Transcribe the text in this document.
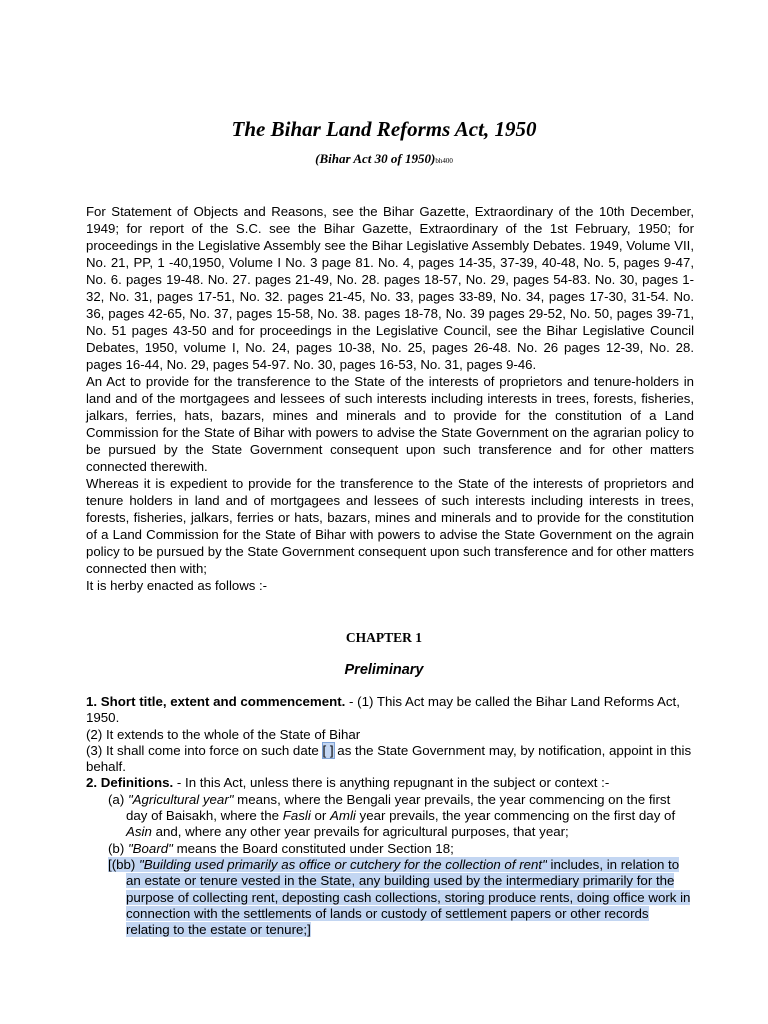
The Bihar Land Reforms Act, 1950
(Bihar Act 30 of 1950)bh400

For Statement of Objects and Reasons, see the Bihar Gazette, Extraordinary of the 10th December, 1949; for report of the S.C. see the Bihar Gazette, Extraordinary of the 1st February, 1950; for proceedings in the Legislative Assembly see the Bihar Legislative Assembly Debates. 1949, Volume VII, No. 21, PP, 1 -40,1950, Volume I No. 3 page 81. No. 4, pages 14-35, 37-39, 40-48, No. 5, pages 9-47, No. 6. pages 19-48. No. 27. pages 21-49, No. 28. pages 18-57, No. 29, pages 54-83. No. 30, pages 1-32, No. 31, pages 17-51, No. 32. pages 21-45, No. 33, pages 33-89, No. 34, pages 17-30, 31-54. No. 36, pages 42-65, No. 37, pages 15-58, No. 38. pages 18-78, No. 39 pages 29-52, No. 50, pages 39-71, No. 51 pages 43-50 and for proceedings in the Legislative Council, see the Bihar Legislative Council Debates, 1950, volume I, No. 24, pages 10-38, No. 25, pages 26-48. No. 26 pages 12-39, No. 28. pages 16-44, No. 29, pages 54-97. No. 30, pages 16-53, No. 31, pages 9-46.

An Act to provide for the transference to the State of the interests of proprietors and tenure-holders in land and of the mortgagees and lessees of such interests including interests in trees, forests, fisheries, jalkars, ferries, hats, bazars, mines and minerals and to provide for the constitution of a Land Commission for the State of Bihar with powers to advise the State Government on the agrarian policy to be pursued by the State Government consequent upon such transference and for other matters connected therewith.

Whereas it is expedient to provide for the transference to the State of the interests of proprietors and tenure holders in land and of mortgagees and lessees of such interests including interests in trees, forests, fisheries, jalkars, ferries or hats, bazars, mines and minerals and to provide for the constitution of a Land Commission for the State of Bihar with powers to advise the State Government on the agrain policy to be pursued by the State Government consequent upon such transference and for other matters connected then with;

It is herby enacted as follows :-

CHAPTER 1
Preliminary

1. Short title, extent and commencement. - (1) This Act may be called the Bihar Land Reforms Act, 1950.

(2) It extends to the whole of the State of Bihar

(3) It shall come into force on such date [ ] as the State Government may, by notification, appoint in this behalf.

2. Definitions. - In this Act, unless there is anything repugnant in the subject or context :-

(a) "Agricultural year" means, where the Bengali year prevails, the year commencing on the first day of Baisakh, where the Fasli or Amli year prevails, the year commencing on the first day of Asin and, where any other year prevails for agricultural purposes, that year;

(b) "Board" means the Board constituted under Section 18;

[(bb) "Building used primarily as office or cutchery for the collection of rent" includes, in relation to an estate or tenure vested in the State, any building used by the intermediary primarily for the purpose of collecting rent, deposting cash collections, storing produce rents, doing office work in connection with the settlements of lands or custody of settlement papers or other records relating to the estate or tenure;]
